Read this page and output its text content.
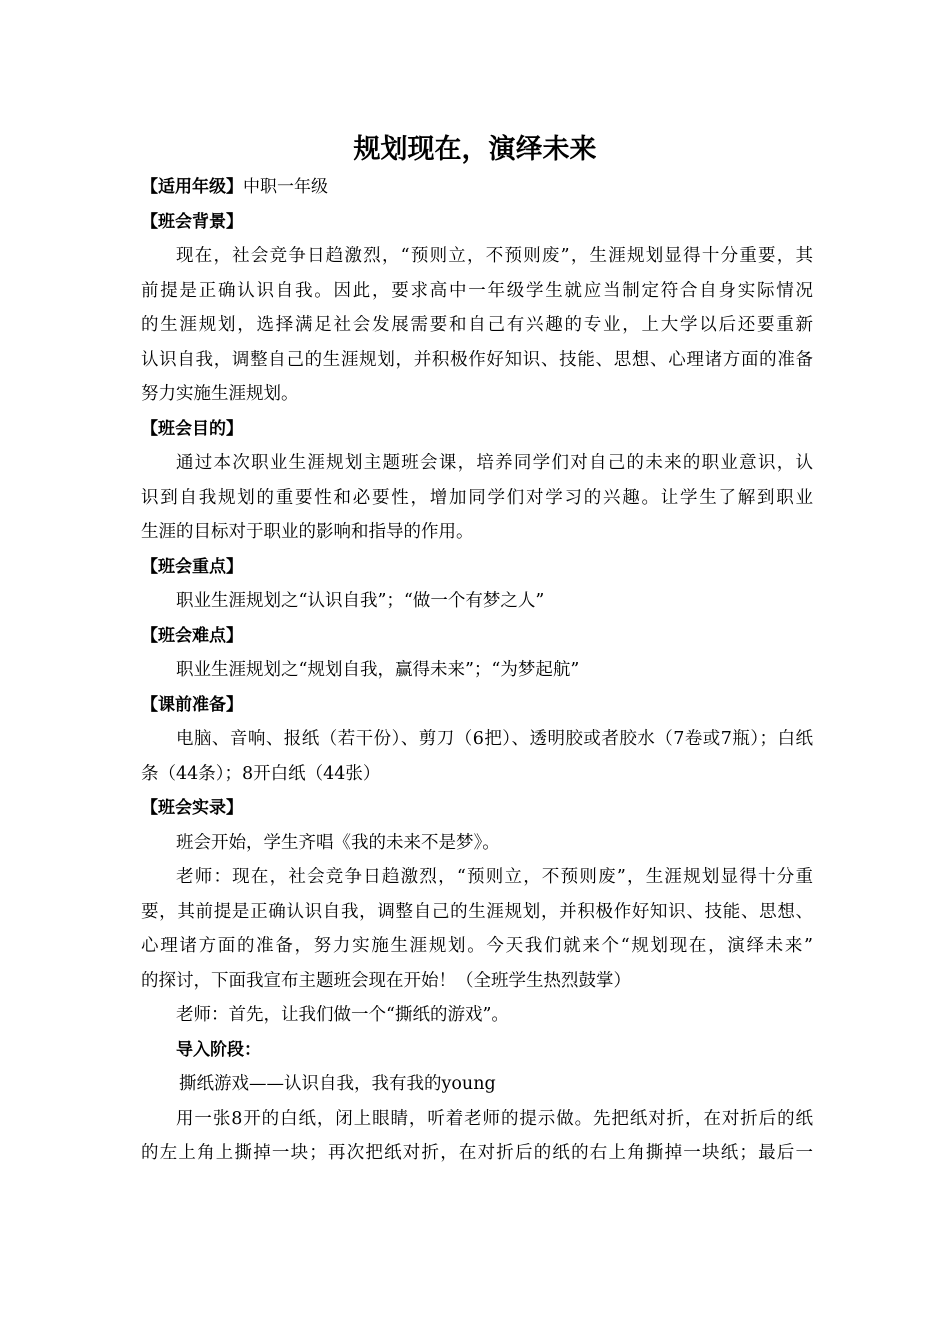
规划现在，演绎未来
【适用年级】中职一年级
【班会背景】
现在，社会竞争日趋激烈，“预则立，不预则废”，生涯规划显得十分重要，其
前提是正确认识自我。因此，要求高中一年级学生就应当制定符合自身实际情况
的生涯规划，选择满足社会发展需要和自己有兴趣的专业，上大学以后还要重新
认识自我，调整自己的生涯规划，并积极作好知识、技能、思想、心理诸方面的准备
努力实施生涯规划。
【班会目的】
通过本次职业生涯规划主题班会课，培养同学们对自己的未来的职业意识，认
识到自我规划的重要性和必要性，增加同学们对学习的兴趣。让学生了解到职业
生涯的目标对于职业的影响和指导的作用。
【班会重点】
职业生涯规划之“认识自我”；“做一个有梦之人”
【班会难点】
职业生涯规划之“规划自我，赢得未来”；“为梦起航”
【课前准备】
电脑、音响、报纸（若干份）、剪刀（6把）、透明胶或者胶水（7卷或7瓶）；白纸
条（44条）；8开白纸（44张）
【班会实录】
班会开始，学生齐唱《我的未来不是梦》。
老师：现在，社会竞争日趋激烈，“预则立，不预则废”，生涯规划显得十分重
要，其前提是正确认识自我，调整自己的生涯规划，并积极作好知识、技能、思想、
心理诸方面的准备，努力实施生涯规划。今天我们就来个“规划现在，演绎未来”
的探讨，下面我宣布主题班会现在开始！（全班学生热烈鼓掌）
老师：首先，让我们做一个“撕纸的游戏”。
导入阶段：
撕纸游戏——认识自我，我有我的young
用一张8开的白纸，闭上眼睛，听着老师的提示做。先把纸对折，在对折后的纸
的左上角上撕掉一块；再次把纸对折，在对折后的纸的右上角撕掉一块纸；最后一
